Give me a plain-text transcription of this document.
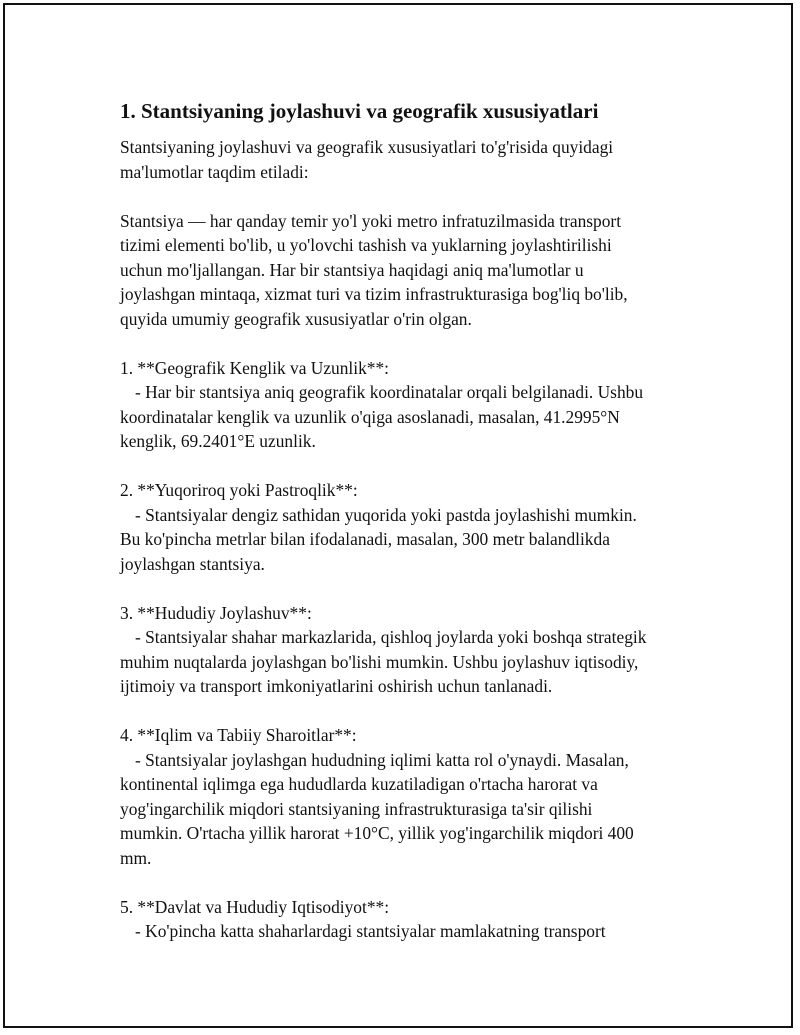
1. Stantsiyaning joylashuvi va geografik xususiyatlari

Stantsiyaning joylashuvi va geografik xususiyatlari to'g'risida quyidagi
ma'lumotlar taqdim etiladi:

Stantsiya — har qanday temir yo'l yoki metro infratuzilmasida transport
tizimi elementi bo'lib, u yo'lovchi tashish va yuklarning joylashtirilishi
uchun mo'ljallangan. Har bir stantsiya haqidagi aniq ma'lumotlar u
joylashgan mintaqa, xizmat turi va tizim infrastrukturasiga bog'liq bo'lib,
quyida umumiy geografik xususiyatlar o'rin olgan.

1. **Geografik Kenglik va Uzunlik**:
- Har bir stantsiya aniq geografik koordinatalar orqali belgilanadi. Ushbu
koordinatalar kenglik va uzunlik o'qiga asoslanadi, masalan, 41.2995°N
kenglik, 69.2401°E uzunlik.
2. **Yuqoriroq yoki Pastroqlik**:
- Stantsiyalar dengiz sathidan yuqorida yoki pastda joylashishi mumkin.
Bu ko'pincha metrlar bilan ifodalanadi, masalan, 300 metr balandlikda
joylashgan stantsiya.
3. **Hududiy Joylashuv**:
- Stantsiyalar shahar markazlarida, qishloq joylarda yoki boshqa strategik
muhim nuqtalarda joylashgan bo'lishi mumkin. Ushbu joylashuv iqtisodiy,
ijtimoiy va transport imkoniyatlarini oshirish uchun tanlanadi.
4. **Iqlim va Tabiiy Sharoitlar**:
- Stantsiyalar joylashgan hududning iqlimi katta rol o'ynaydi. Masalan,
kontinental iqlimga ega hududlarda kuzatiladigan o'rtacha harorat va
yog'ingarchilik miqdori stantsiyaning infrastrukturasiga ta'sir qilishi
mumkin. O'rtacha yillik harorat +10°C, yillik yog'ingarchilik miqdori 400
mm.
5. **Davlat va Hududiy Iqtisodiyot**:
- Ko'pincha katta shaharlardagi stantsiyalar mamlakatning transport
